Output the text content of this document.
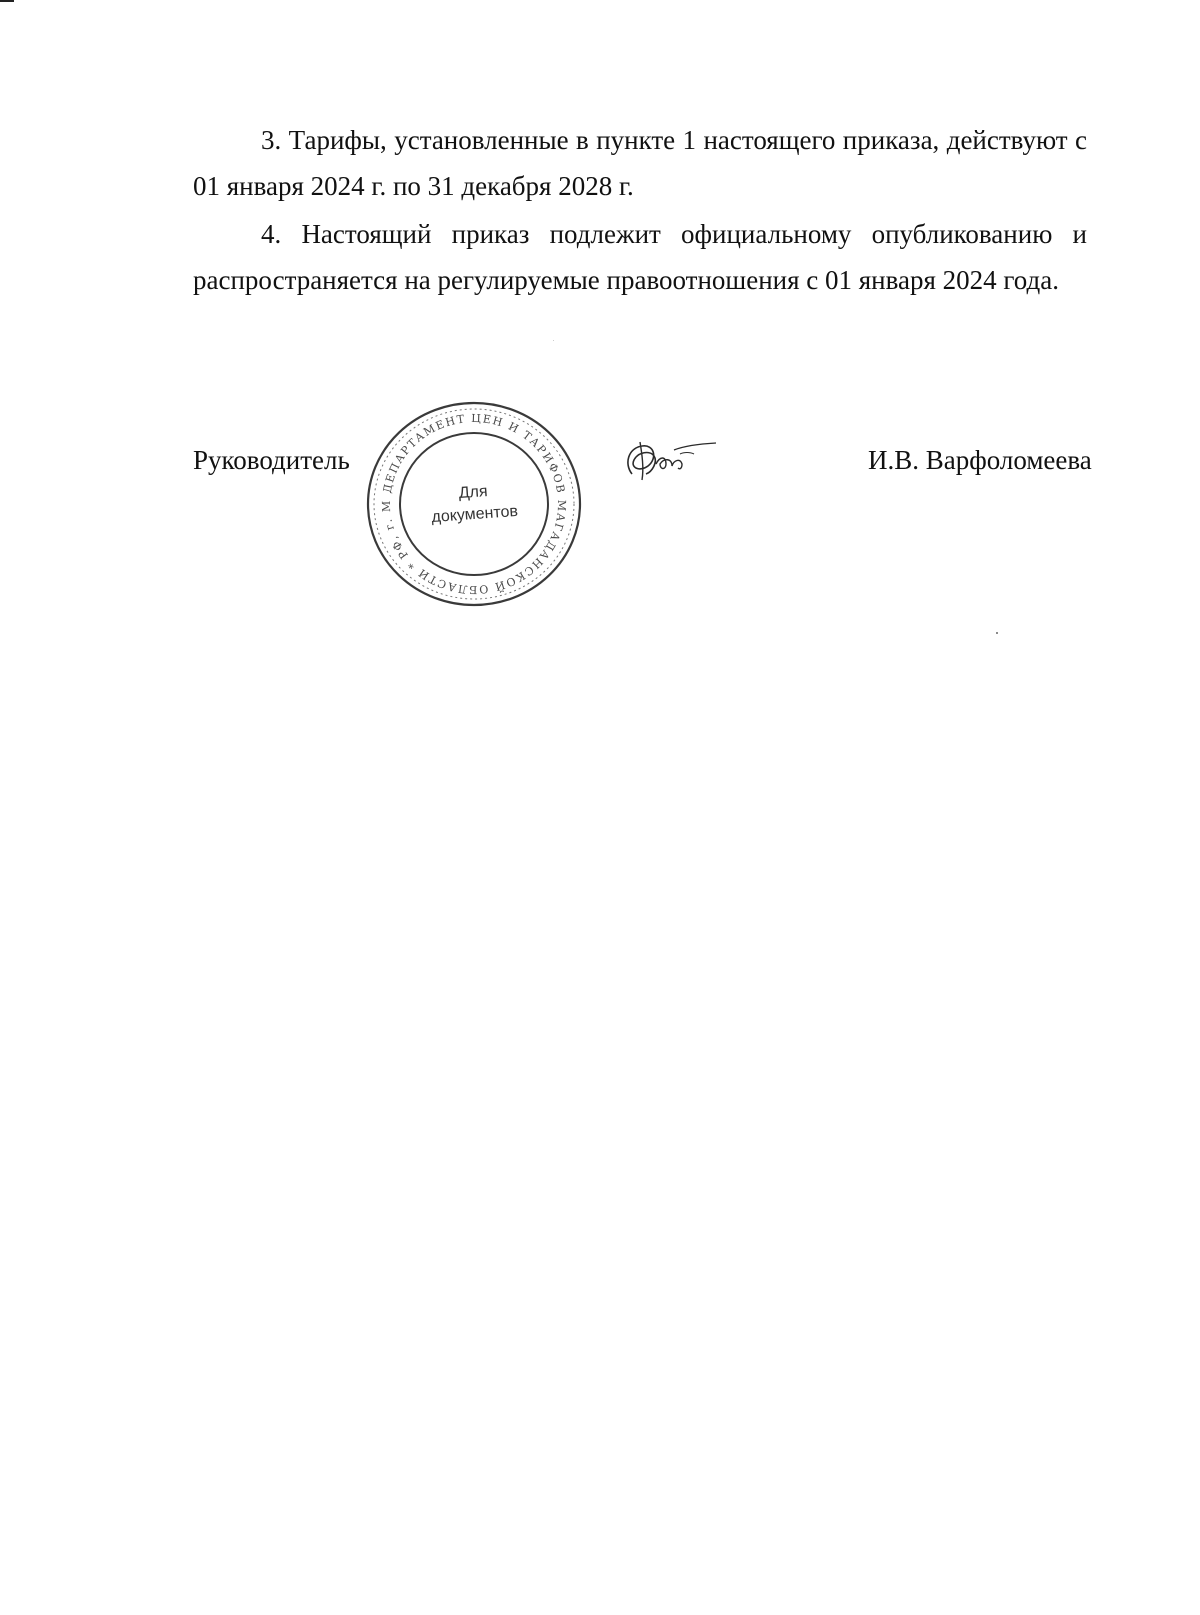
3. Тарифы, установленные в пункте 1 настоящего приказа, действуют с 01 января 2024 г. по 31 декабря 2028 г.

4. Настоящий приказ подлежит официальному опубликованию и распространяется на регулируемые правоотношения с 01 января 2024 года.

Руководитель
ДЕПАРТАМЕНТ ЦЕН И ТАРИФОВ МАГАДАНСКОЙ ОБЛАСТИ * РФ, г. М
Для
документов
И.В. Варфоломеева
